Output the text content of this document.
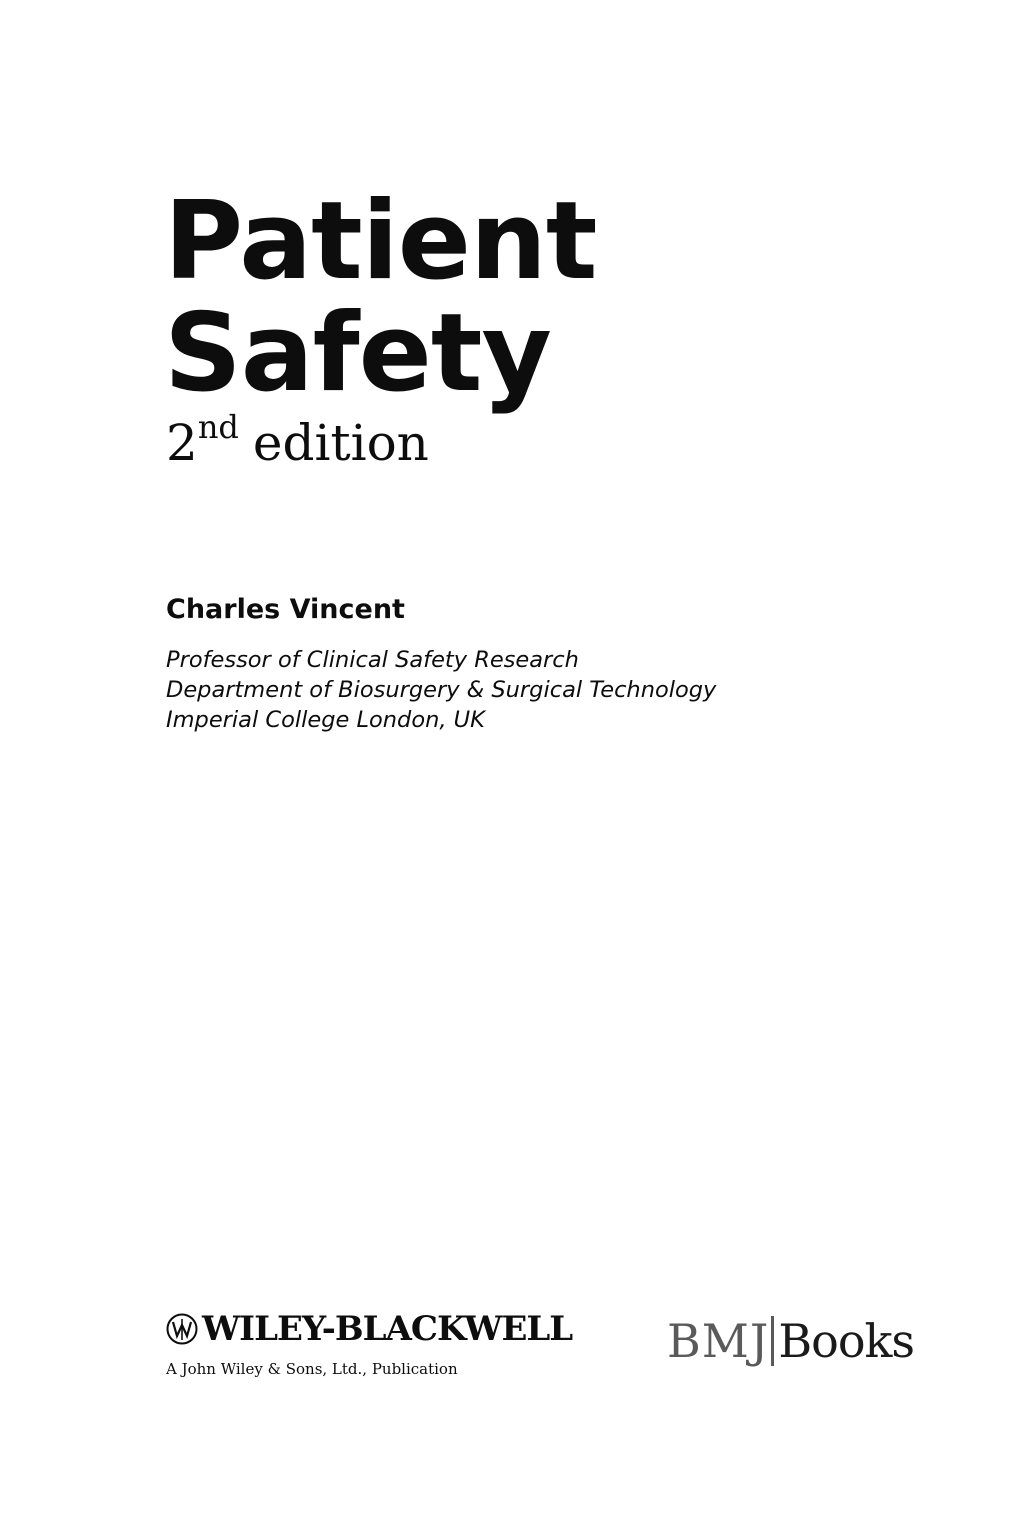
Patient
Safety
2nd edition
Charles Vincent
Professor of Clinical Safety Research
Department of Biosurgery & Surgical Technology
Imperial College London, UK
WILEY-BLACKWELL
A John Wiley & Sons, Ltd., Publication
BMJ Books
